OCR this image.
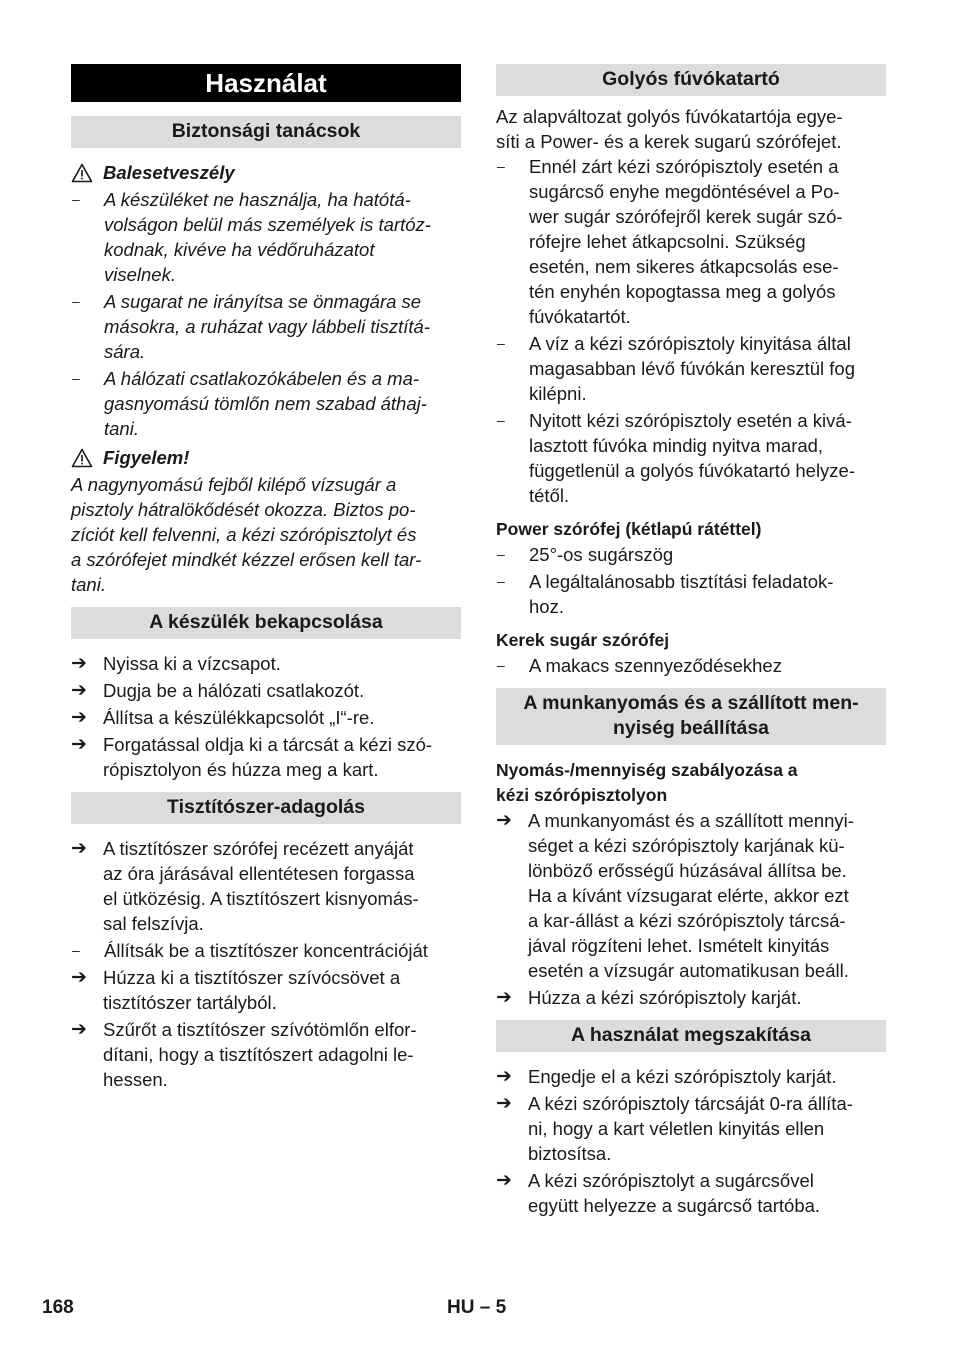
Használat
Biztonsági tanácsok
Balesetveszély
–	A készüléket ne használja, ha hatótá-
volságon belül más személyek is tartóz-
kodnak, kivéve ha védőruházatot
viselnek.
–	A sugarat ne irányítsa se önmagára se
másokra, a ruházat vagy lábbeli tisztítá-
sára.
–	A hálózati csatlakozókábelen és a ma-
gasnyomású tömlőn nem szabad áthaj-
tani.
Figyelem!
A nagynyomású fejből kilépő vízsugár a
pisztoly hátralökődését okozza. Biztos po-
zíciót kell felvenni, a kézi szórópisztolyt és
a szórófejet mindkét kézzel erősen kell tar-
tani.
A készülék bekapcsolása
➔ Nyissa ki a vízcsapot.
➔ Dugja be a hálózati csatlakozót.
➔ Állítsa a készülékkapcsolót „I“-re.
➔ Forgatással oldja ki a tárcsát a kézi szó-
rópisztolyon és húzza meg a kart.
Tisztítószer-adagolás
➔ A tisztítószer szórófej recézett anyáját
az óra járásával ellentétesen forgassa
el ütközésig. A tisztítószert kisnyomás-
sal felszívja.
–	Állítsák be a tisztítószer koncentrációját
➔ Húzza ki a tisztítószer szívócsövet a
tisztítószer tartályból.
➔ Szűrőt a tisztítószer szívótömlőn elfor-
dítani, hogy a tisztítószert adagolni le-
hessen.
Golyós fúvókatartó
Az alapváltozat golyós fúvókatartója egye-
síti a Power- és a kerek sugarú szórófejet.
–	Ennél zárt kézi szórópisztoly esetén a
sugárcső enyhe megdöntésével a Po-
wer sugár szórófejről kerek sugár szó-
rófejre lehet átkapcsolni. Szükség
esetén, nem sikeres átkapcsolás ese-
tén enyhén kopogtassa meg a golyós
fúvókatartót.
–	A víz a kézi szórópisztoly kinyitása által
magasabban lévő fúvókán keresztül fog
kilépni.
–	Nyitott kézi szórópisztoly esetén a kivá-
lasztott fúvóka mindig nyitva marad,
függetlenül a golyós fúvókatartó helyze-
tétől.
Power szórófej (kétlapú rátéttel)
–	25°-os sugárszög
–	A legáltalánosabb tisztítási feladatok-
hoz.
Kerek sugár szórófej
–	A makacs szennyeződésekhez
A munkanyomás és a szállított men-
nyiség beállítása
Nyomás-/mennyiség szabályozása a
kézi szórópisztolyon
➔ A munkanyomást és a szállított mennyi-
séget a kézi szórópisztoly karjának kü-
lönböző erősségű húzásával állítsa be.
Ha a kívánt vízsugarat elérte, akkor ezt
a kar-állást a kézi szórópisztoly tárcsá-
jával rögzíteni lehet. Ismételt kinyitás
esetén a vízsugár automatikusan beáll.
➔ Húzza a kézi szórópisztoly karját.
A használat megszakítása
➔ Engedje el a kézi szórópisztoly karját.
➔ A kézi szórópisztoly tárcsáját 0-ra állíta-
ni, hogy a kart véletlen kinyitás ellen
biztosítsa.
➔ A kézi szórópisztolyt a sugárcsővel
együtt helyezze a sugárcső tartóba.
168	HU – 5
